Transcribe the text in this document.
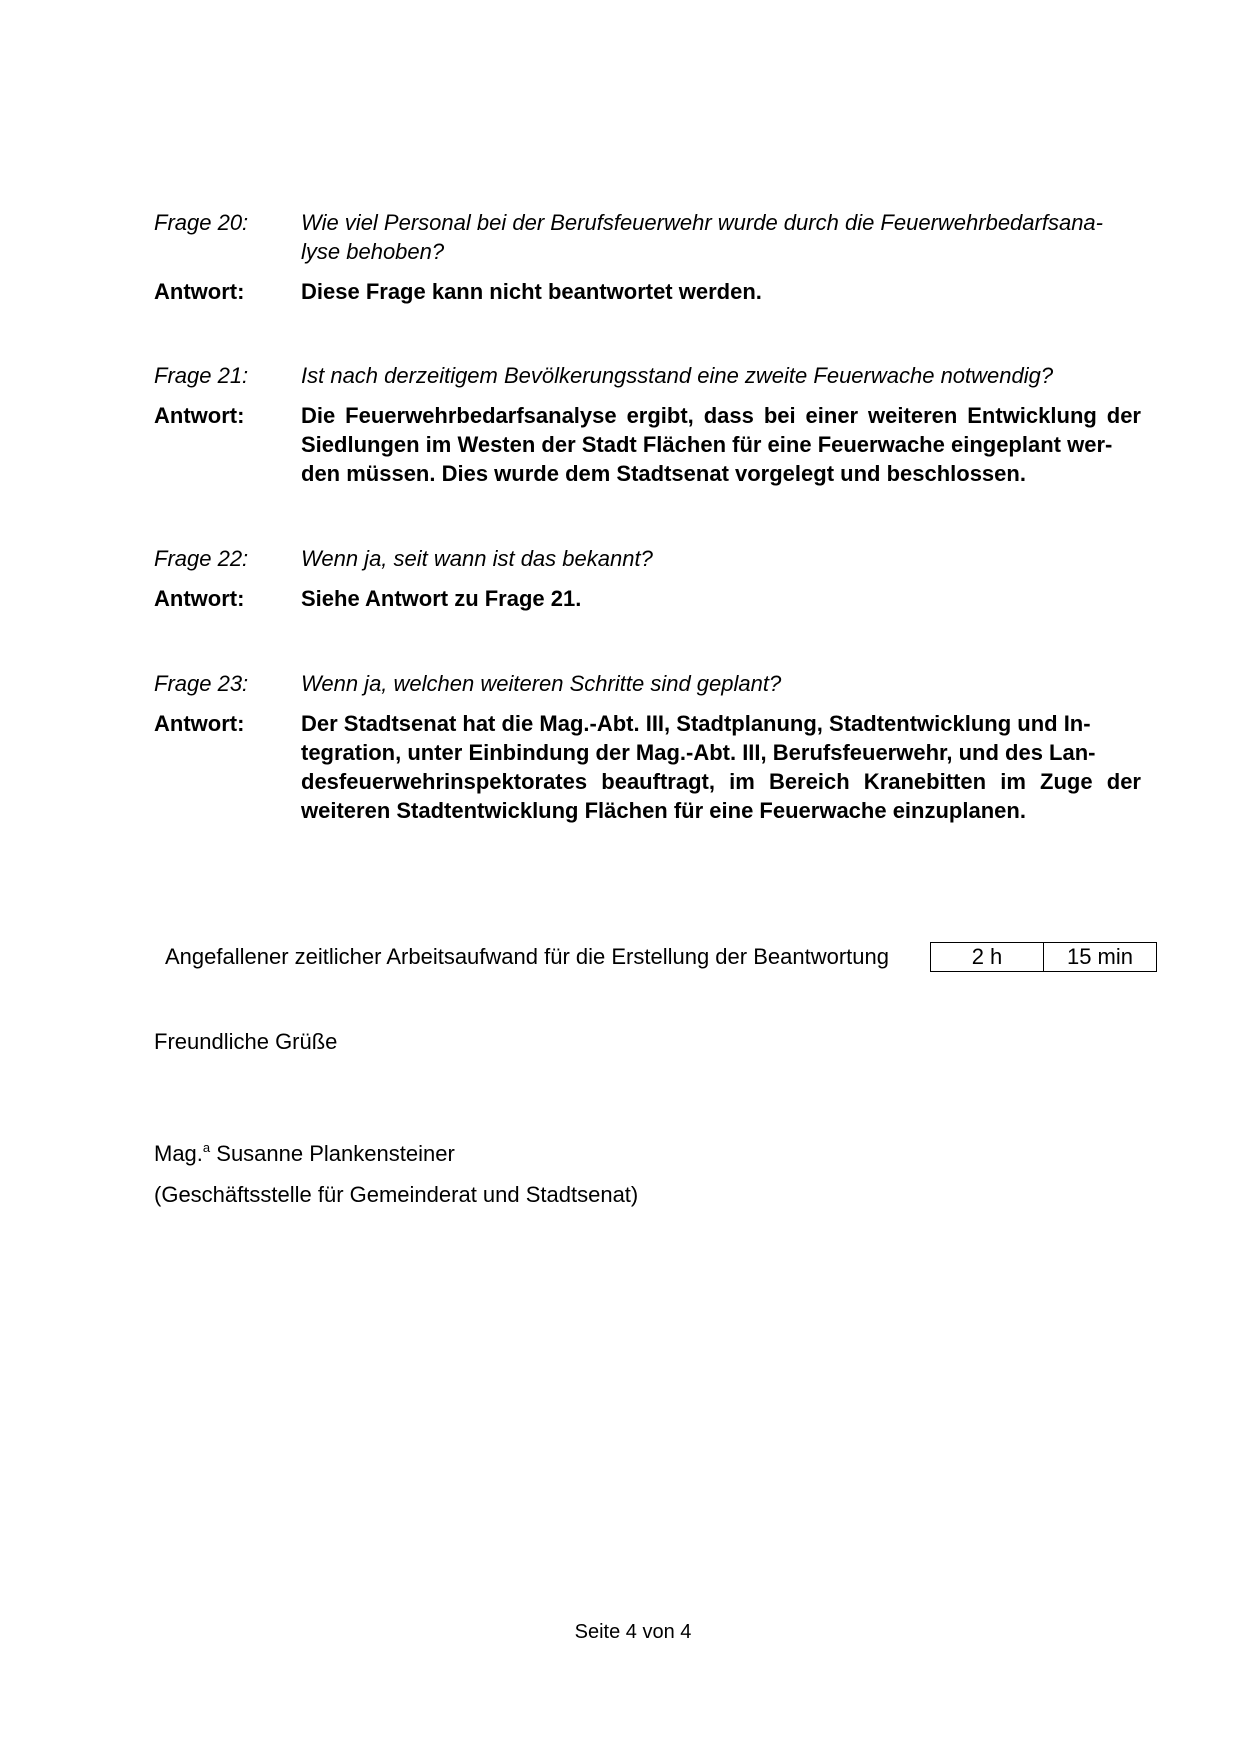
Frage 20:	Wie viel Personal bei der Berufsfeuerwehr wurde durch die Feuerwehrbedarfsana-
lyse behoben?
Antwort:	Diese Frage kann nicht beantwortet werden.
Frage 21:	Ist nach derzeitigem Bevölkerungsstand eine zweite Feuerwache notwendig?
Antwort:	Die Feuerwehrbedarfsanalyse ergibt, dass bei einer weiteren Entwicklung der Siedlungen im Westen der Stadt Flächen für eine Feuerwache eingeplant wer-
den müssen. Dies wurde dem Stadtsenat vorgelegt und beschlossen.
Frage 22:	Wenn ja, seit wann ist das bekannt?
Antwort:	Siehe Antwort zu Frage 21.
Frage 23:	Wenn ja, welchen weiteren Schritte sind geplant?
Antwort:	Der Stadtsenat hat die Mag.-Abt. III, Stadtplanung, Stadtentwicklung und In-
tegration, unter Einbindung der Mag.-Abt. III, Berufsfeuerwehr, und des Lan-
desfeuerwehrinspektorates beauftragt, im Bereich Kranebitten im Zuge der weiteren Stadtentwicklung Flächen für eine Feuerwache einzuplanen.
Angefallener zeitlicher Arbeitsaufwand für die Erstellung der Beantwortung	2 h	15 min
Freundliche Grüße
Mag.$^a$ Susanne Plankensteiner
(Geschäftsstelle für Gemeinderat und Stadtsenat)
Seite 4 von 4
